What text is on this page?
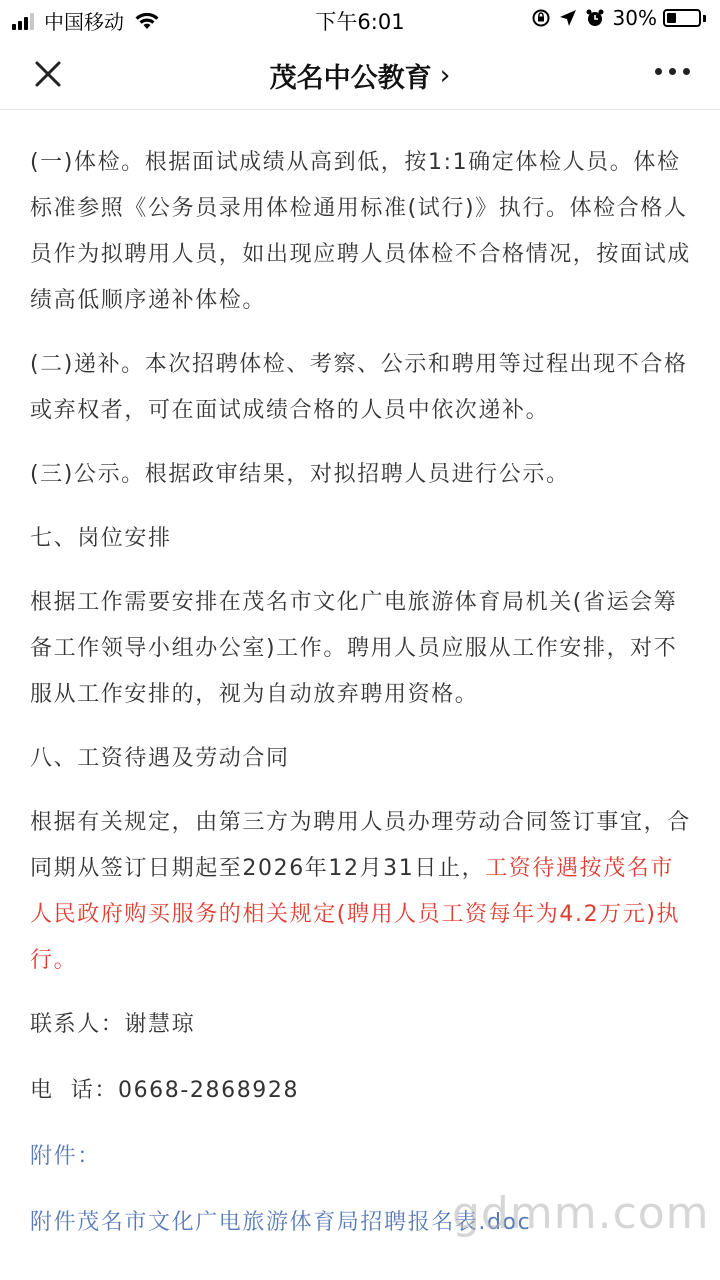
中国移动	下午6:01	30%
茂名中公教育 ›

(一)体检。根据面试成绩从高到低，按1:1确定体检人员。体检标准参照《公务员录用体检通用标准(试行)》执行。体检合格人员作为拟聘用人员，如出现应聘人员体检不合格情况，按面试成绩高低顺序递补体检。

(二)递补。本次招聘体检、考察、公示和聘用等过程出现不合格或弃权者，可在面试成绩合格的人员中依次递补。

(三)公示。根据政审结果，对拟招聘人员进行公示。

七、岗位安排

根据工作需要安排在茂名市文化广电旅游体育局机关(省运会筹备工作领导小组办公室)工作。聘用人员应服从工作安排，对不服从工作安排的，视为自动放弃聘用资格。

八、工资待遇及劳动合同

根据有关规定，由第三方为聘用人员办理劳动合同签订事宜，合同期从签订日期起至2026年12月31日止，工资待遇按茂名市人民政府购买服务的相关规定(聘用人员工资每年为4.2万元)执行。

联系人：谢慧琼

电  话：0668-2868928

附件：

附件茂名市文化广电旅游体育局招聘报名表.doc

gdmm.com
